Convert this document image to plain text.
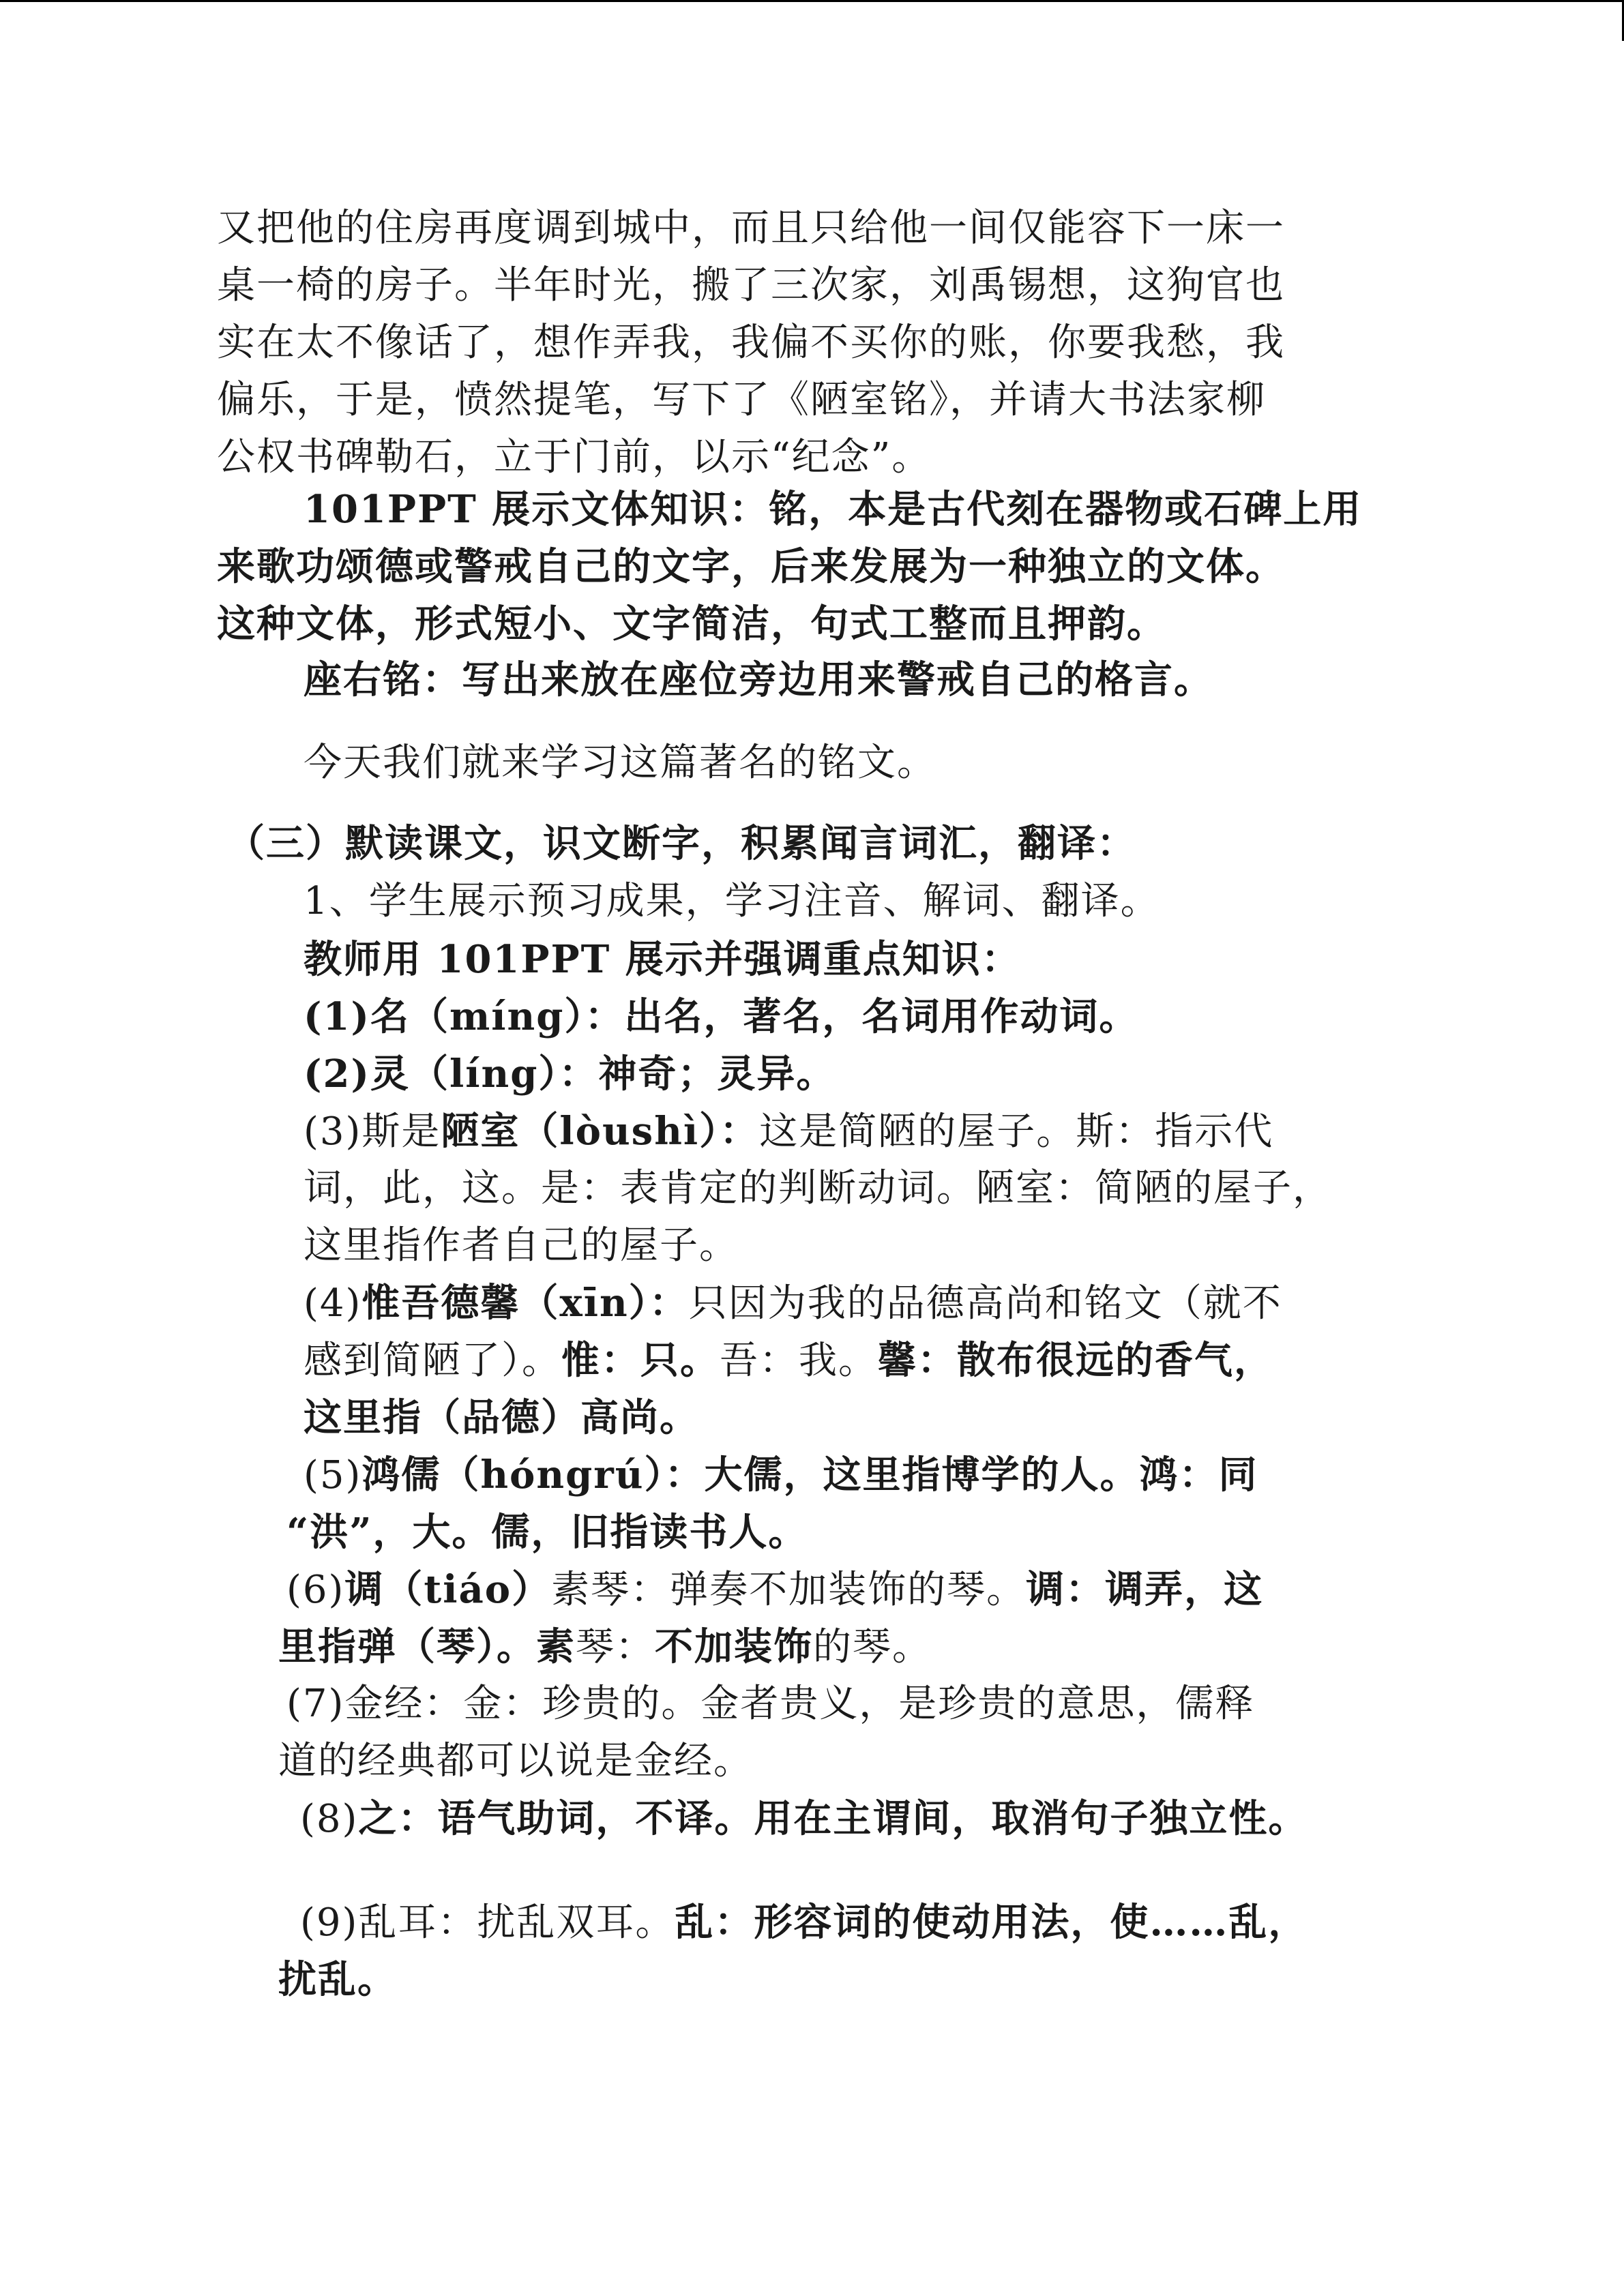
又把他的住房再度调到城中，而且只给他一间仅能容下一床一
桌一椅的房子。半年时光，搬了三次家，刘禹锡想，这狗官也
实在太不像话了，想作弄我，我偏不买你的账，你要我愁，我
偏乐，于是，愤然提笔，写下了《陋室铭》，并请大书法家柳
公权书碑勒石，立于门前，以示“纪念”。
101PPT 展示文体知识：铭，本是古代刻在器物或石碑上用
来歌功颂德或警戒自己的文字，后来发展为一种独立的文体。
这种文体，形式短小、文字简洁，句式工整而且押韵。
座右铭：写出来放在座位旁边用来警戒自己的格言。
今天我们就来学习这篇著名的铭文。
（三）默读课文，识文断字，积累闻言词汇，翻译：
1、学生展示预习成果，学习注音、解词、翻译。
教师用 101PPT 展示并强调重点知识：
(1)名（míng）：出名，著名，名词用作动词。
(2)灵（líng）：神奇；灵异。
(3)斯是陋室（lòushì）：这是简陋的屋子。斯：指示代
词，此，这。是：表肯定的判断动词。陋室：简陋的屋子，
这里指作者自己的屋子。
(4)惟吾德馨（xīn）：只因为我的品德高尚和铭文（就不
感到简陋了）。惟：只。吾：我。馨：散布很远的香气，
这里指（品德）高尚。
(5)鸿儒（hóngrú）：大儒，这里指博学的人。鸿：同
“洪”，大。儒，旧指读书人。
(6)调（tiáo）素琴：弹奏不加装饰的琴。调：调弄，这
里指弹（琴）。素琴：不加装饰的琴。
(7)金经：金：珍贵的。金者贵义，是珍贵的意思，儒释
道的经典都可以说是金经。
(8)之：语气助词，不译。用在主谓间，取消句子独立性。
(9)乱耳：扰乱双耳。乱：形容词的使动用法，使……乱，
扰乱。
